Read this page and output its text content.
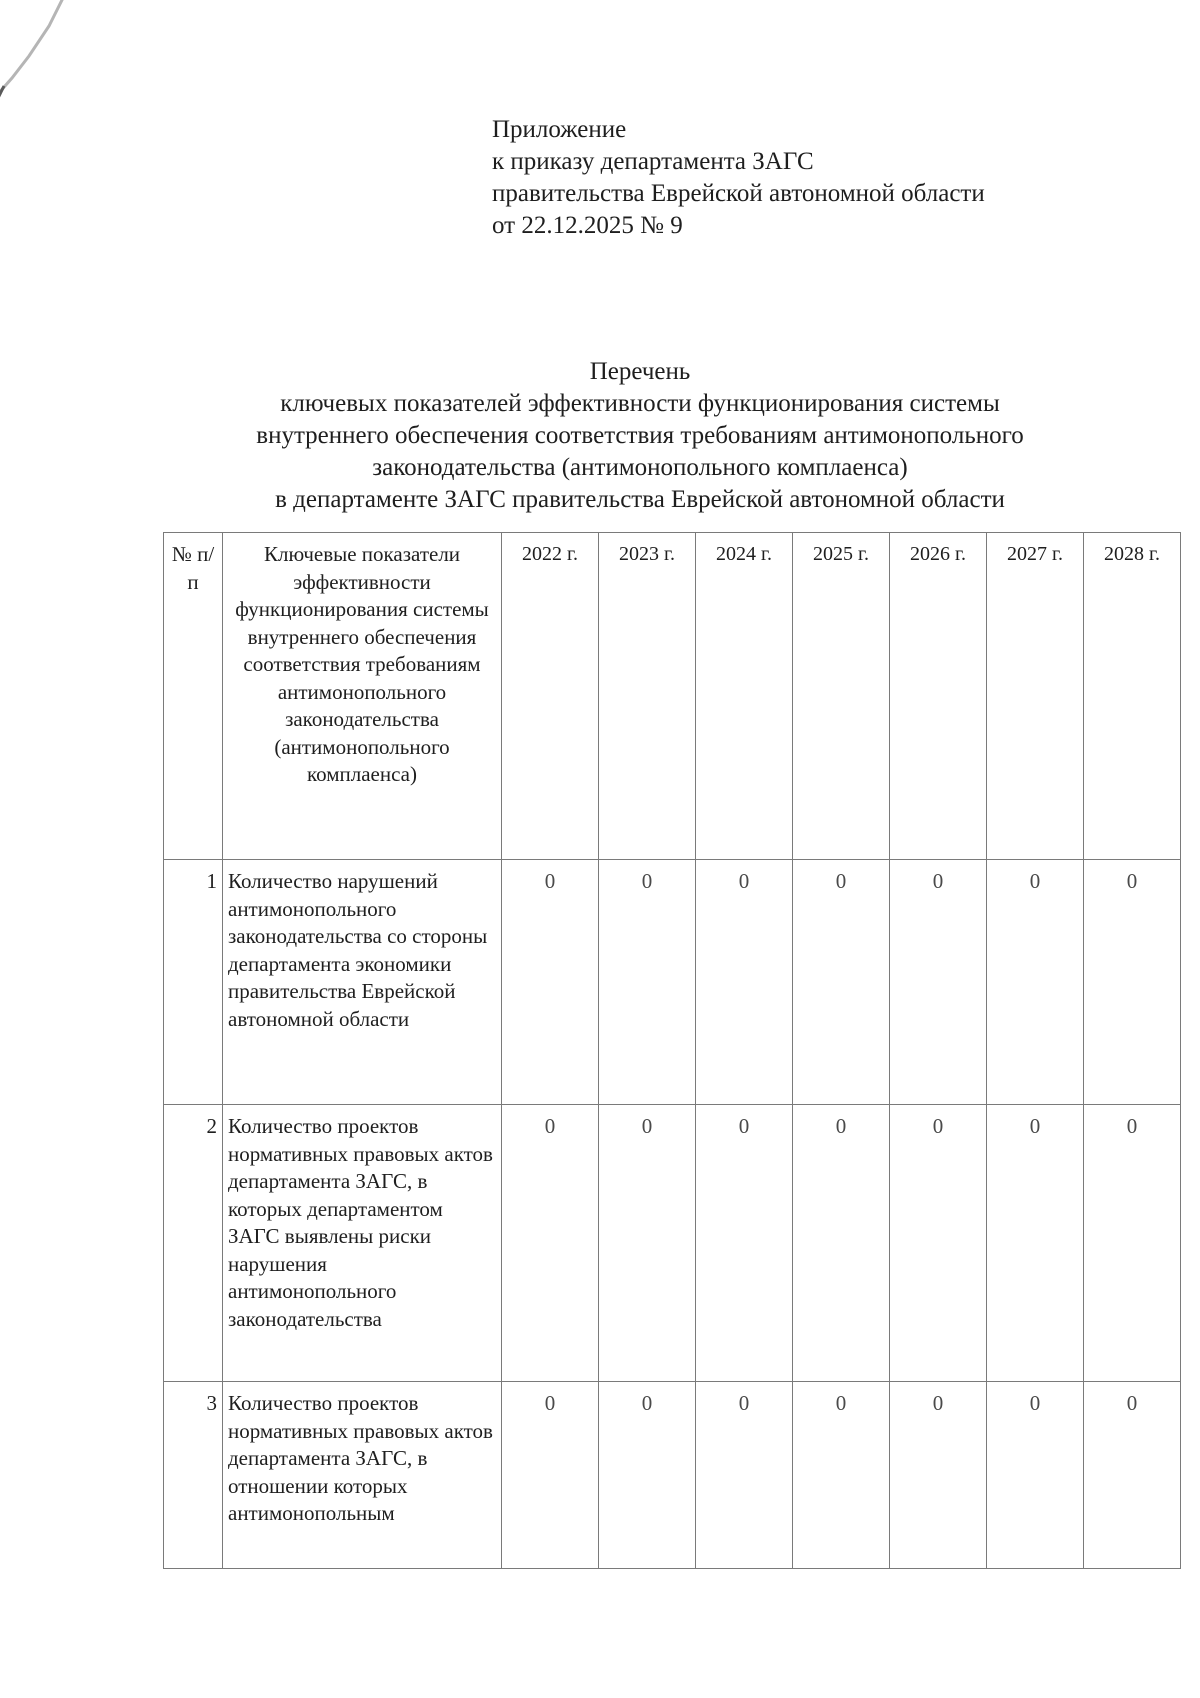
Приложение
к приказу департамента ЗАГС
правительства Еврейской автономной области
от 22.12.2025 № 9
Перечень
ключевых показателей эффективности функционирования системы
внутреннего обеспечения соответствия требованиям антимонопольного
законодательства (антимонопольного комплаенса)
в департаменте ЗАГС правительства Еврейской автономной области
№ п/п	Ключевые показатели эффективности функционирования системы внутреннего обеспечения соответствия требованиям антимонопольного законодательства (антимонопольного комплаенса)	2022 г.	2023 г.	2024 г.	2025 г.	2026 г.	2027 г.	2028 г.
1	Количество нарушений антимонопольного законодательства со стороны департамента экономики правительства Еврейской автономной области	0	0	0	0	0	0	0
2	Количество проектов нормативных правовых актов департамента ЗАГС, в которых департаментом ЗАГС выявлены риски нарушения антимонопольного законодательства	0	0	0	0	0	0	0
3	Количество проектов нормативных правовых актов департамента ЗАГС, в отношении которых антимонопольным	0	0	0	0	0	0	0
